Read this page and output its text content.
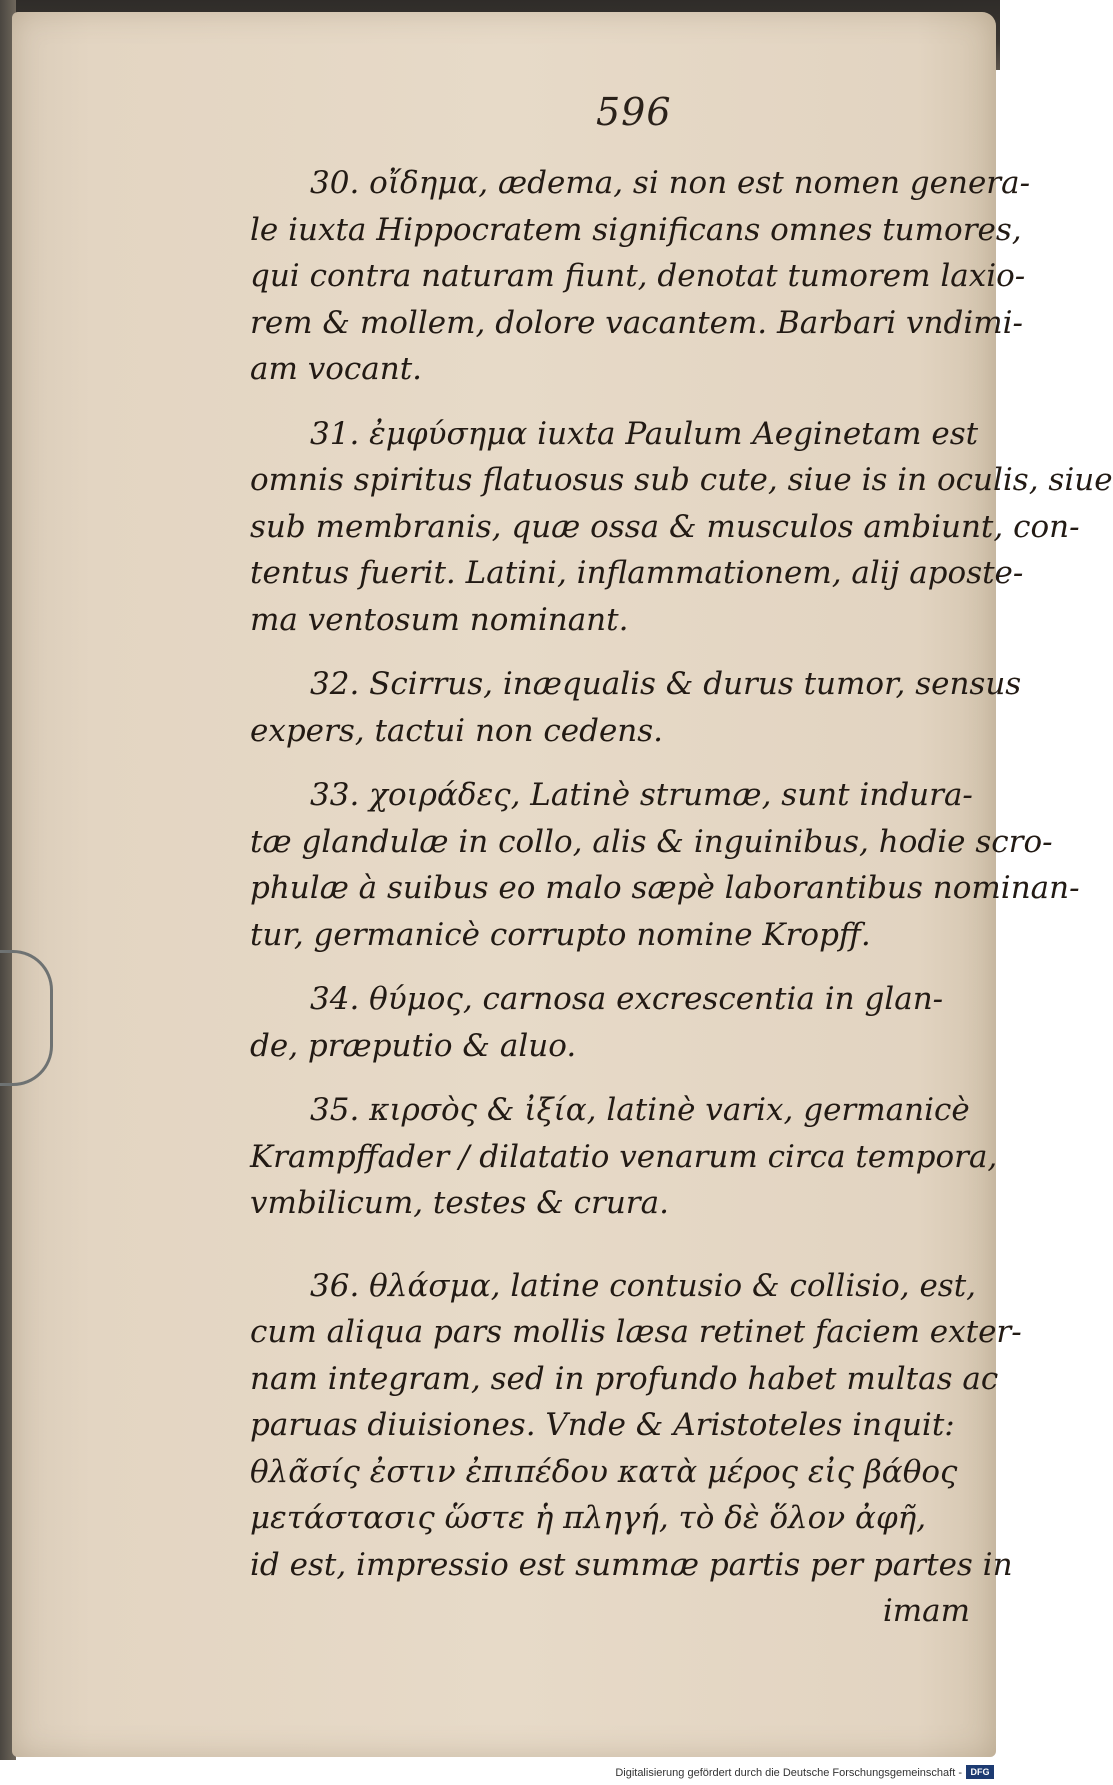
596

30. οἴδημα, ædema, si non est nomen genera-
le iuxta Hippocratem significans omnes tumores,
qui contra naturam fiunt, denotat tumorem laxio-
rem & mollem, dolore vacantem. Barbari vndimi-
am vocant.

31. ἐμφύσημα iuxta Paulum Aeginetam est
omnis spiritus flatuosus sub cute, siue is in oculis, siue
sub membranis, quæ ossa & musculos ambiunt, con-
tentus fuerit. Latini, inflammationem, alij aposte-
ma ventosum nominant.

32. Scirrus, inæqualis & durus tumor, sensus
expers, tactui non cedens.

33. χοιράδες, Latinè strumæ, sunt indura-
tæ glandulæ in collo, alis & inguinibus, hodie scro-
phulæ à suibus eo malo sæpè laborantibus nominan-
tur, germanicè corrupto nomine Kropff.

34. θύμος, carnosa excrescentia in glan-
de, præputio & aluo.

35. κιρσὸς & ἰξία, latinè varix, germanicè
Krampffader / dilatatio venarum circa tempora,
vmbilicum, testes & crura.

36. θλάσμα, latine contusio & collisio, est,
cum aliqua pars mollis læsa retinet faciem exter-
nam integram, sed in profundo habet multas ac
paruas diuisiones. Vnde & Aristoteles inquit:
θλᾶσίς ἐστιν ἐπιπέδου κατὰ μέρος εἰς βάθος
μετάστασις ὥστε ἡ πληγή, τὸ δὲ ὅλον ἀφῆ,
id est, impressio est summæ partis per partes in

imam
Digitalisierung gefördert durch die Deutsche Forschungsgemeinschaft - DFG
